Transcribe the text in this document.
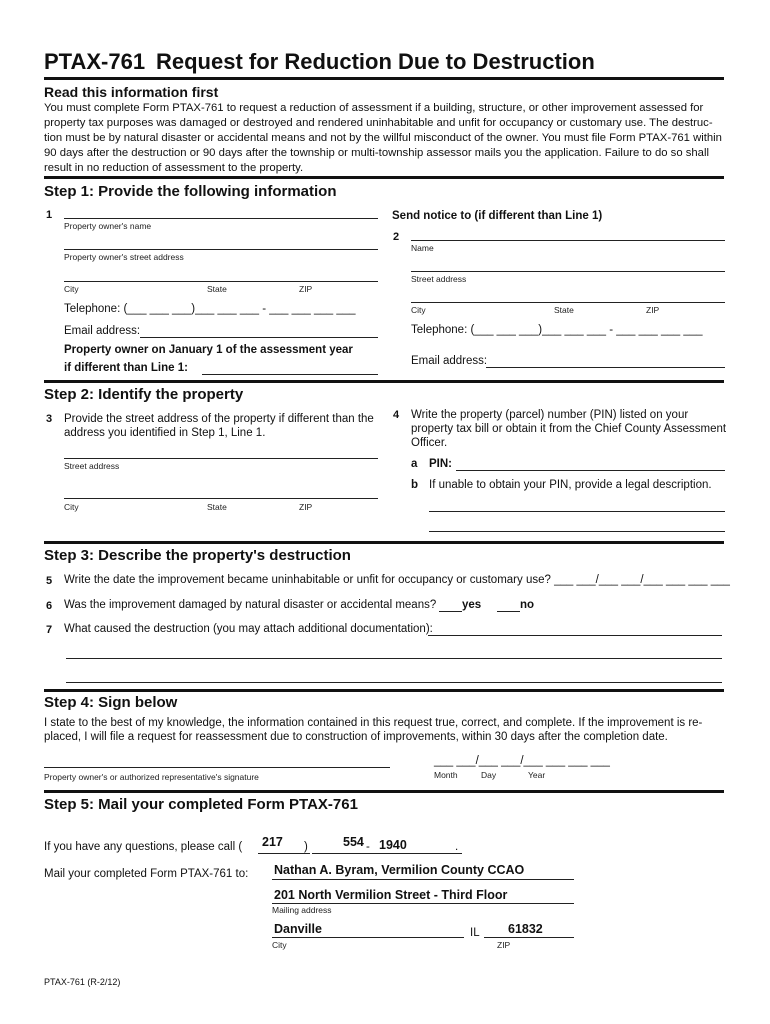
PTAX-761 Request for Reduction Due to Destruction
Read this information first
You must complete Form PTAX-761 to request a reduction of assessment if a building, structure, or other improvement assessed for
property tax purposes was damaged or destroyed and rendered uninhabitable and unfit for occupancy or customary use. The destruc-
tion must be by natural disaster or accidental means and not by the willful misconduct of the owner. You must file Form PTAX-761 within
90 days after the destruction or 90 days after the township or multi-township assessor mails you the application. Failure to do so shall
result in no reduction of assessment to the property.
Step 1: Provide the following information
1
Property owner's name
Property owner's street address
City	State	ZIP
Telephone: (___ ___ ___)___ ___ ___ - ___ ___ ___ ___
Email address:
Property owner on January 1 of the assessment year
if different than Line 1:
Send notice to (if different than Line 1)
2
Name
Street address
City	State	ZIP
Telephone: (___ ___ ___)___ ___ ___ - ___ ___ ___ ___
Email address:
Step 2: Identify the property
3 Provide the street address of the property if different than the
address you identified in Step 1, Line 1.
Street address
City	State	ZIP
4 Write the property (parcel) number (PIN) listed on your
property tax bill or obtain it from the Chief County Assessment
Officer.
a PIN:
b If unable to obtain your PIN, provide a legal description.
Step 3: Describe the property's destruction
5 Write the date the improvement became uninhabitable or unfit for occupancy or customary use? ___ ___/___ ___/___ ___ ___ ___
6 Was the improvement damaged by natural disaster or accidental means? yes	no
7 What caused the destruction (you may attach additional documentation):
Step 4: Sign below
I state to the best of my knowledge, the information contained in this request true, correct, and complete. If the improvement is re-
placed, I will file a request for reassessment due to construction of improvements, within 30 days after the completion date.
Property owner's or authorized representative's signature
___ ___/___ ___/___ ___ ___ ___
Month	Day	Year
Step 5: Mail your completed Form PTAX-761
If you have any questions, please call (	)	.
217	554 - 1940
Mail your completed Form PTAX-761 to: Nathan A. Byram, Vermilion County CCAO
201 North Vermilion Street - Third Floor
Mailing address
Danville	IL 61832
City	ZIP
PTAX-761 (R-2/12)
